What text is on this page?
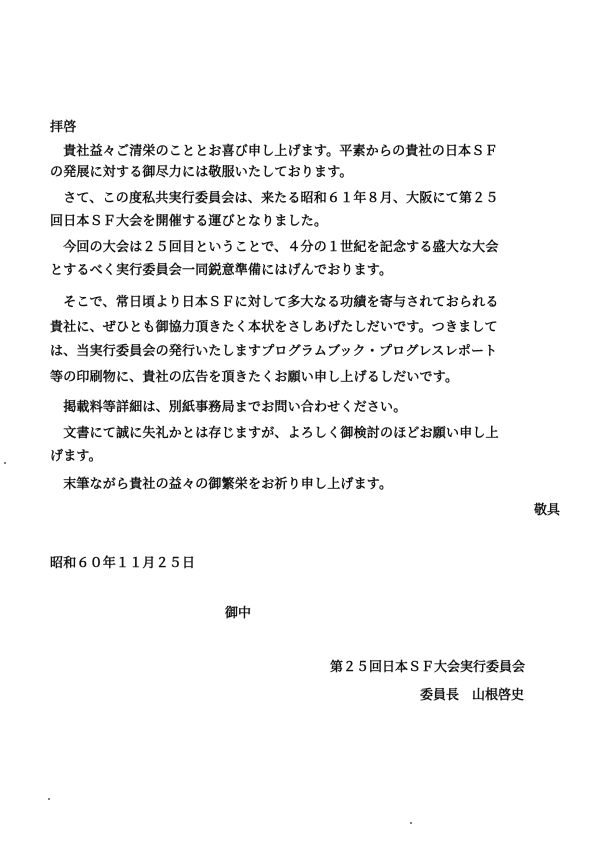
拝啓
　貴社益々ご清栄のこととお喜び申し上げます。平素からの貴社の日本ＳＦ
の発展に対する御尽力には敬服いたしております。
　さて、この度私共実行委員会は、来たる昭和６１年８月、大阪にて第２５
回日本ＳＦ大会を開催する運びとなりました。
　今回の大会は２５回目ということで、４分の１世紀を記念する盛大な大会
とするべく実行委員会一同鋭意準備にはげんでおります。
　そこで、常日頃より日本ＳＦに対して多大なる功績を寄与されておられる
貴社に、ぜひとも御協力頂きたく本状をさしあげたしだいです。つきまして
は、当実行委員会の発行いたしますプログラムブック・プログレスレポート
等の印刷物に、貴社の広告を頂きたくお願い申し上げるしだいです。
　掲載料等詳細は、別紙事務局までお問い合わせください。
　文書にて誠に失礼かとは存じますが、よろしく御検討のほどお願い申し上
げます。
　末筆ながら貴社の益々の御繁栄をお祈り申し上げます。
敬具
昭和６０年１１月２５日
御中
第２５回日本ＳＦ大会実行委員会
委員長　山根啓史
